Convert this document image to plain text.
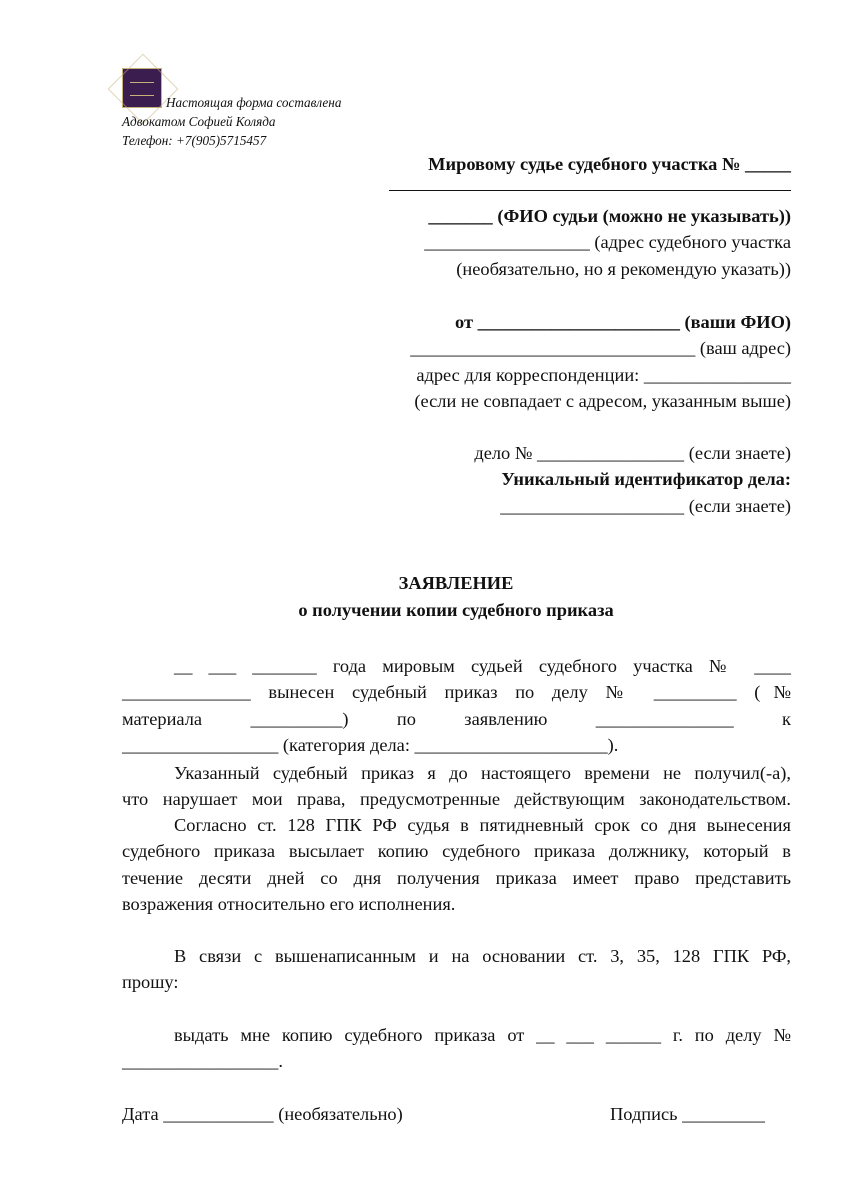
Настоящая форма составлена
Адвокатом Софией Коляда
Телефон: +7(905)5715457
Мировому судье судебного участка № _____
_______ (ФИО судьи (можно не указывать))
__________________ (адрес судебного участка
(необязательно, но я рекомендую указать))
от ______________________ (ваши ФИО)
_______________________________ (ваш адрес)
адрес для корреспонденции: ________________
(если не совпадает с адресом, указанным выше)
дело № ________________ (если знаете)
Уникальный идентификатор дела:
____________________ (если знаете)
ЗАЯВЛЕНИЕ
о получении копии судебного приказа
__ ___ _______ года мировым судьей судебного участка № ____
______________ вынесен судебный приказ по делу № _________ (№
материала __________) по заявлению _______________ к
_________________ (категория дела: _____________________).
Указанный судебный приказ я до настоящего времени не получил(-а),
что нарушает мои права, предусмотренные действующим законодательством.
Согласно ст. 128 ГПК РФ судья в пятидневный срок со дня вынесения
судебного приказа высылает копию судебного приказа должнику, который в
течение десяти дней со дня получения приказа имеет право представить
возражения относительно его исполнения.
В связи с вышенаписанным и на основании ст. 3, 35, 128 ГПК РФ,
прошу:
выдать мне копию судебного приказа от __ ___ ______ г. по делу №
_________________.
Дата ____________ (необязательно)	Подпись _________
